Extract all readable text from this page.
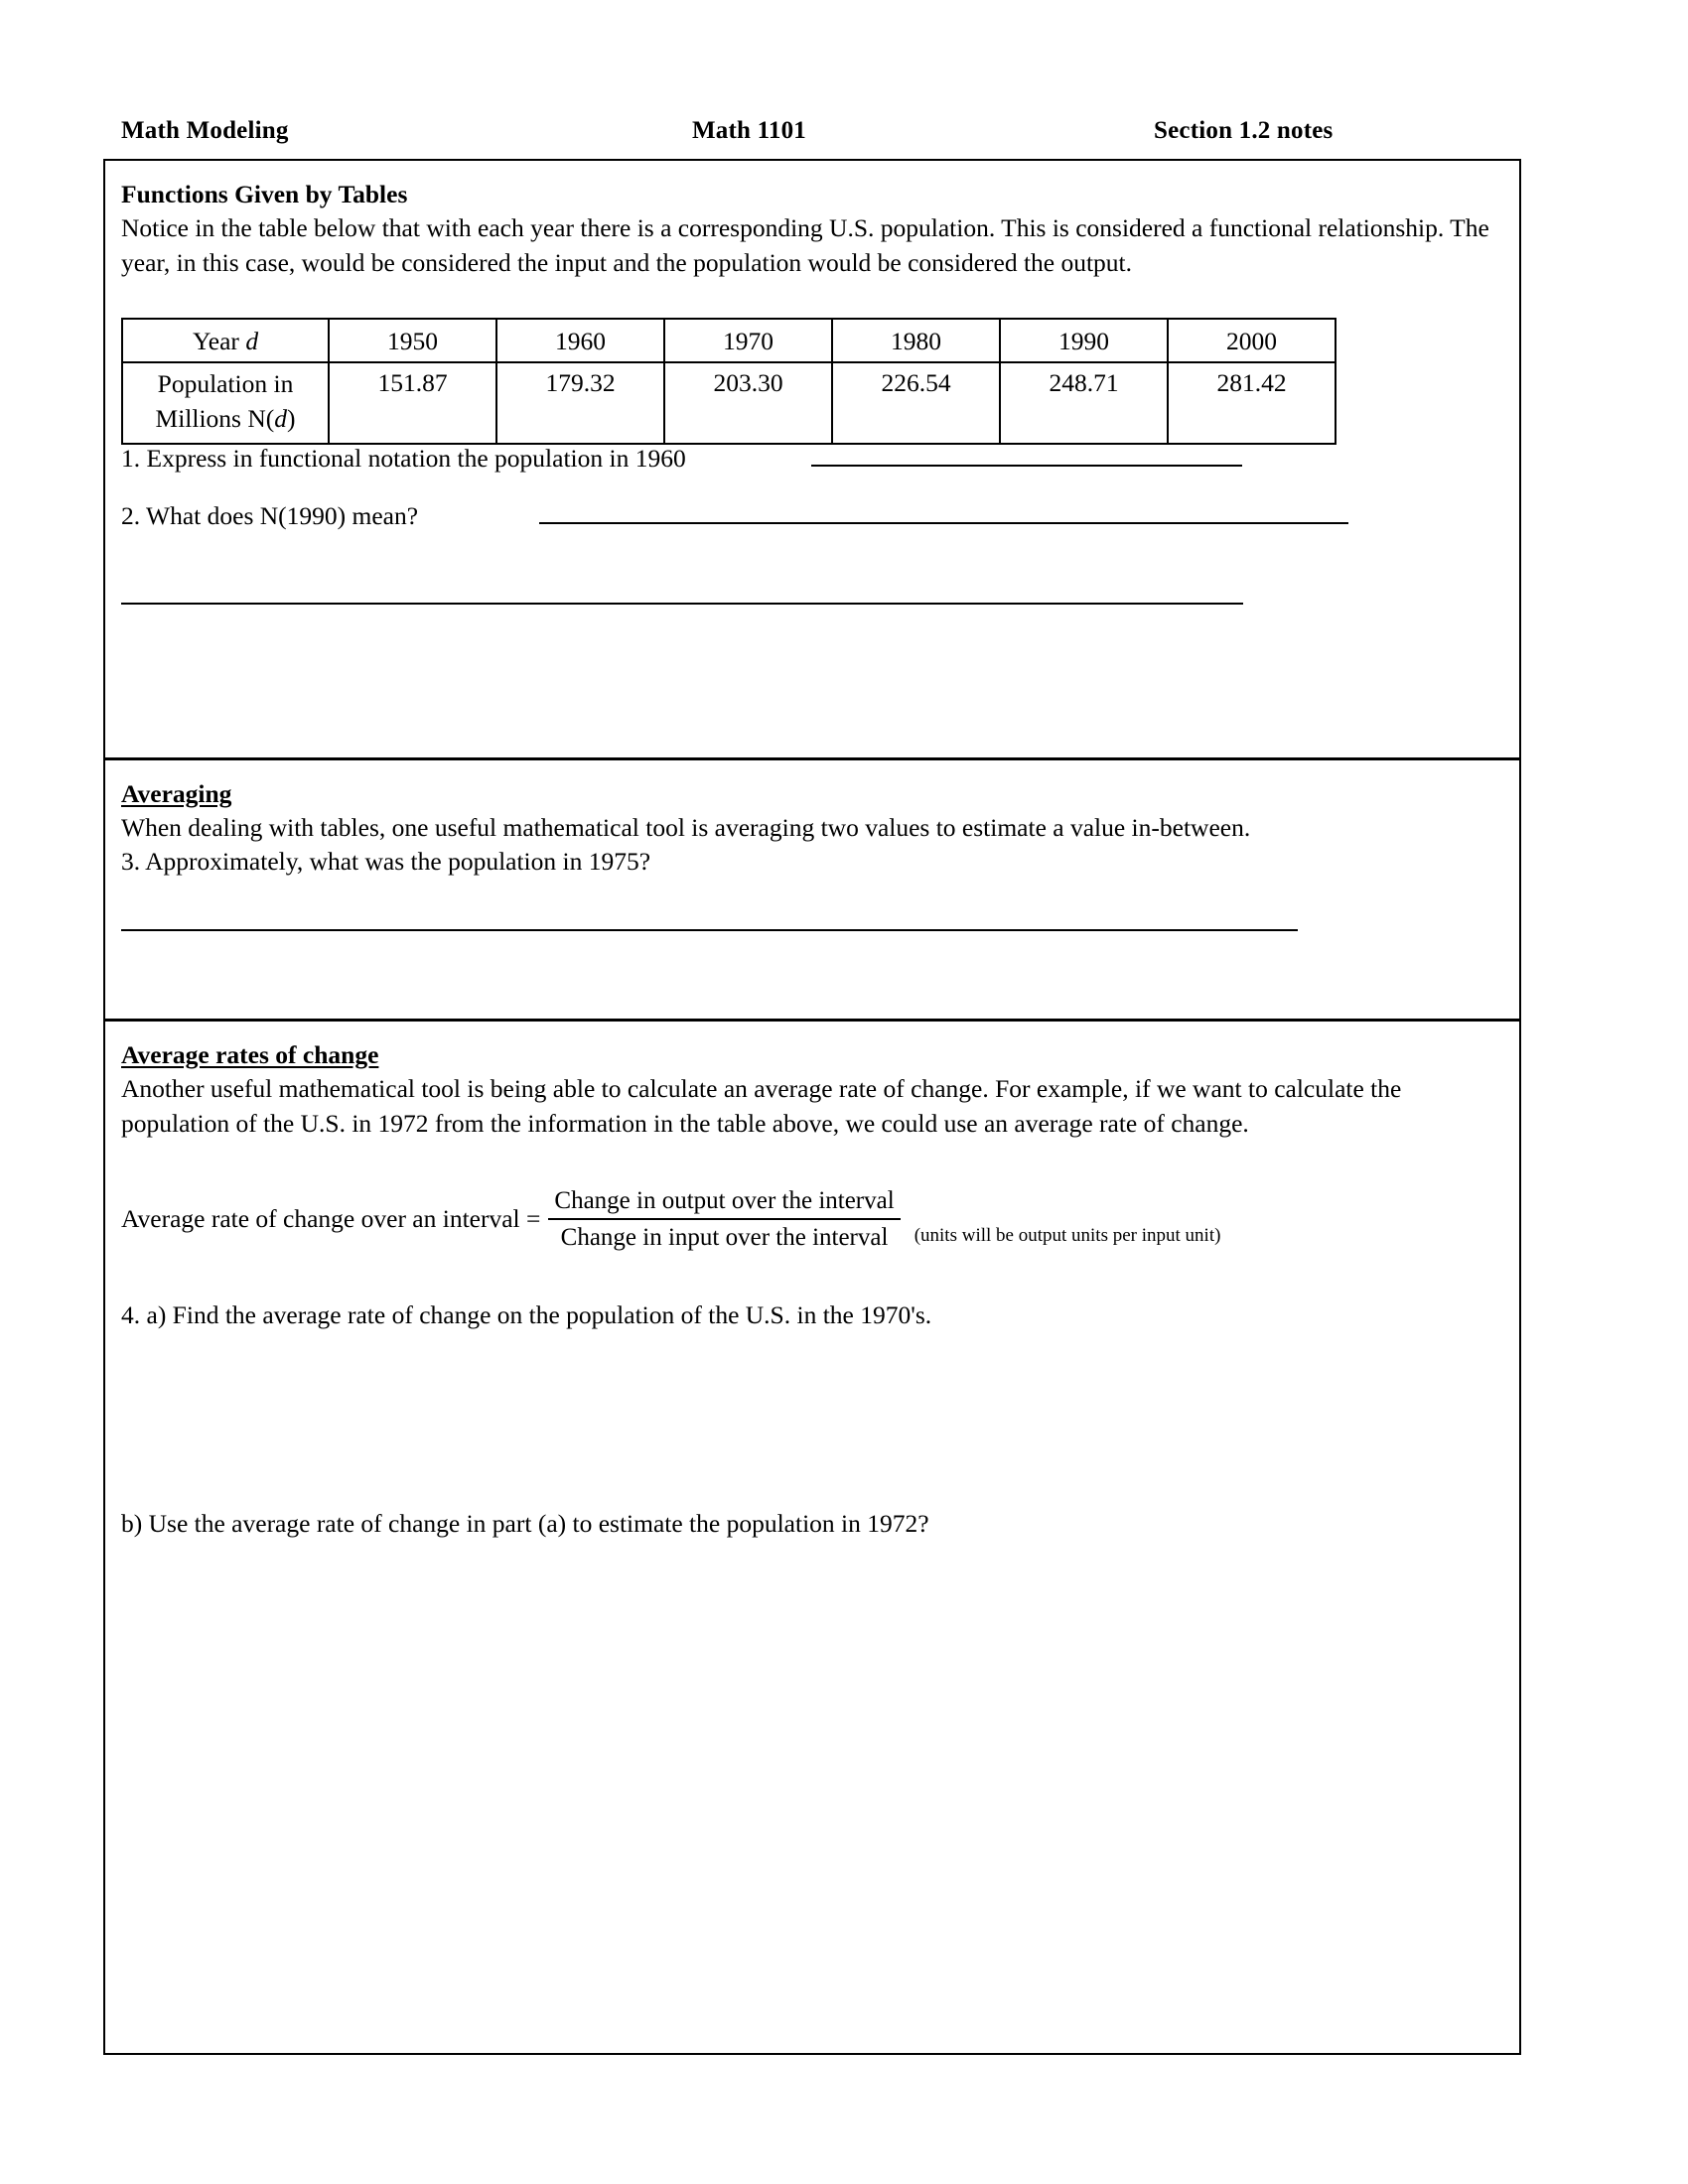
Math Modeling	Math 1101	Section 1.2 notes
Functions Given by Tables
Notice in the table below that with each year there is a corresponding U.S. population. This is considered a functional relationship. The year, in this case, would be considered the input and the population would be considered the output.
Year d	1950	1960	1970	1980	1990	2000
Population in
Millions N(d)	151.87	179.32	203.30	226.54	248.71	281.42
1. Express in functional notation the population in 1960
2. What does N(1990) mean?
Averaging
When dealing with tables, one useful mathematical tool is averaging two values to estimate a value in-between.
3. Approximately, what was the population in 1975?
Average rates of change
Another useful mathematical tool is being able to calculate an average rate of change. For example, if we want to calculate the population of the U.S. in 1972 from the information in the table above, we could use an average rate of change.
Average rate of change over an interval = $\frac{\text{Change in output over the interval}}{\text{Change in input over the interval}}$ (units will be output units per input unit)
4. a) Find the average rate of change on the population of the U.S. in the 1970's.
b) Use the average rate of change in part (a) to estimate the population in 1972?
